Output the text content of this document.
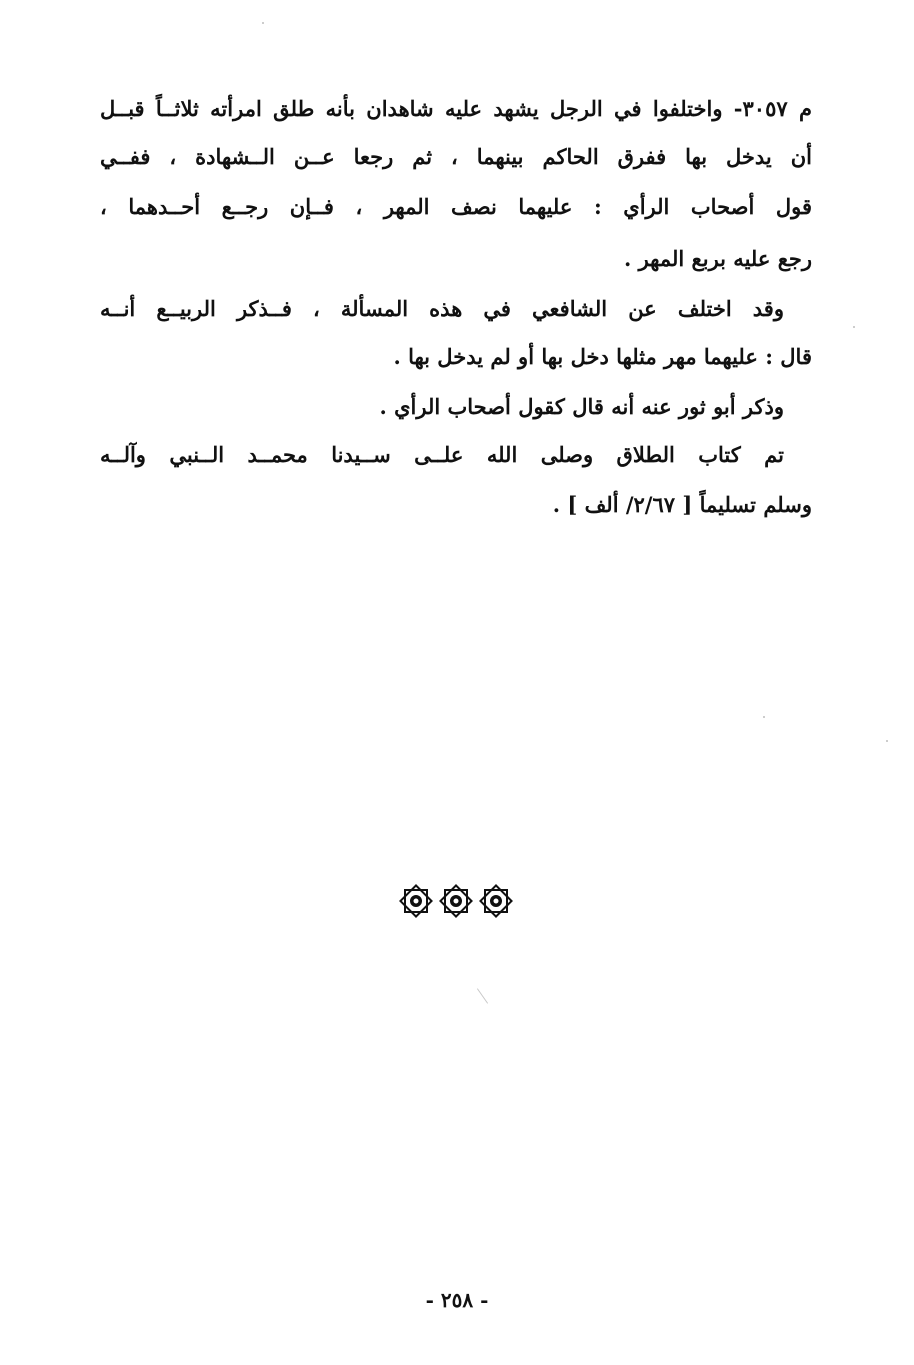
م ٣٠٥٧- واختلفوا في الرجل يشهد عليه شاهدان بأنه طلق امرأته ثلاثــاً قبــل
أن يدخل بها ففرق الحاكم بينهما ، ثم رجعا عــن الــشهادة ، ففــي
قول أصحاب الرأي : عليهما نصف المهر ، فــإن رجــع أحــدهما ،
رجع عليه بربع المهر .
وقد اختلف عن الشافعي في هذه المسألة ، فــذكر الربيــع أنــه
قال : عليهما مهر مثلها دخل بها أو لم يدخل بها .
وذكر أبو ثور عنه أنه قال كقول أصحاب الرأي .
تم كتاب الطلاق وصلى الله علــى ســيدنا محمــد الــنبي وآلــه
وسلم تسليماً [ ٢/٦٧/ ألف ] .
- ٢٥٨ -
